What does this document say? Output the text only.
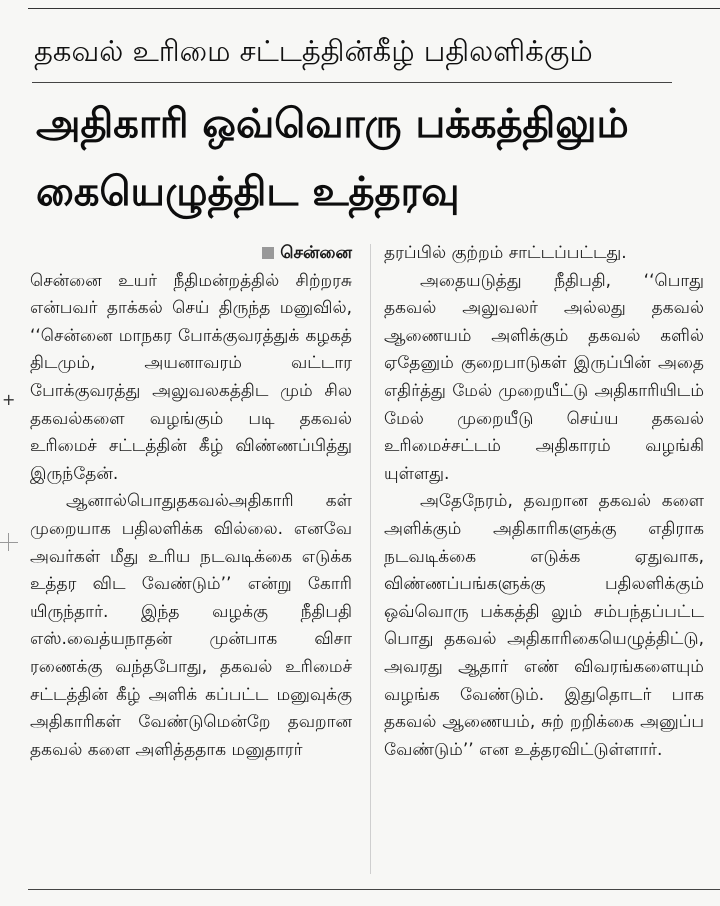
தகவல் உரிமை சட்டத்தின்கீழ் பதிலளிக்கும்
அதிகாரி ஒவ்வொரு பக்கத்திலும்
கையெழுத்திட உத்தரவு
சென்னை

சென்னை உயர் நீதிமன்றத்தில் சிற்றரசு என்பவர் தாக்கல் செய் திருந்த மனுவில், ‘‘சென்னை மாநகர போக்குவரத்துக் கழகத் திடமும், அயனாவரம் வட்டார போக்குவரத்து அலுவலகத்திட மும் சில தகவல்களை வழங்கும் படி தகவல் உரிமைச் சட்டத்தின் கீழ் விண்ணப்பித்து இருந்தேன்.

ஆனால்பொதுதகவல்அதிகாரி கள் முறையாக பதிலளிக்க வில்லை. எனவே அவர்கள் மீது உரிய நடவடிக்கை எடுக்க உத்தர விட வேண்டும்’’ என்று கோரி யிருந்தார். இந்த வழக்கு நீதிபதி எஸ்.வைத்யநாதன் முன்பாக விசா ரணைக்கு வந்தபோது, தகவல் உரிமைச் சட்டத்தின் கீழ் அளிக் கப்பட்ட மனுவுக்கு அதிகாரிகள் வேண்டுமென்றே தவறான தகவல் களை அளித்ததாக மனுதாரர்

தரப்பில் குற்றம் சாட்டப்பட்டது.

அதையடுத்து நீதிபதி, ‘‘பொது தகவல் அலுவலர் அல்லது தகவல் ஆணையம் அளிக்கும் தகவல் களில் ஏதேனும் குறைபாடுகள் இருப்பின் அதை எதிர்த்து மேல் முறையீட்டு அதிகாரியிடம் மேல் முறையீடு செய்ய தகவல் உரிமைச்சட்டம் அதிகாரம் வழங்கி யுள்ளது.

அதேநேரம், தவறான தகவல் களை அளிக்கும் அதிகாரிகளுக்கு எதிராக நடவடிக்கை எடுக்க ஏதுவாக, விண்ணப்பங்களுக்கு பதிலளிக்கும் ஒவ்வொரு பக்கத்தி லும் சம்பந்தப்பட்ட பொது தகவல் அதிகாரிகையெழுத்திட்டு, அவரது ஆதார் எண் விவரங்களையும் வழங்க வேண்டும். இதுதொடர் பாக தகவல் ஆணையம், சுற் றறிக்கை அனுப்ப வேண்டும்’’ என உத்தரவிட்டுள்ளார்.

+
